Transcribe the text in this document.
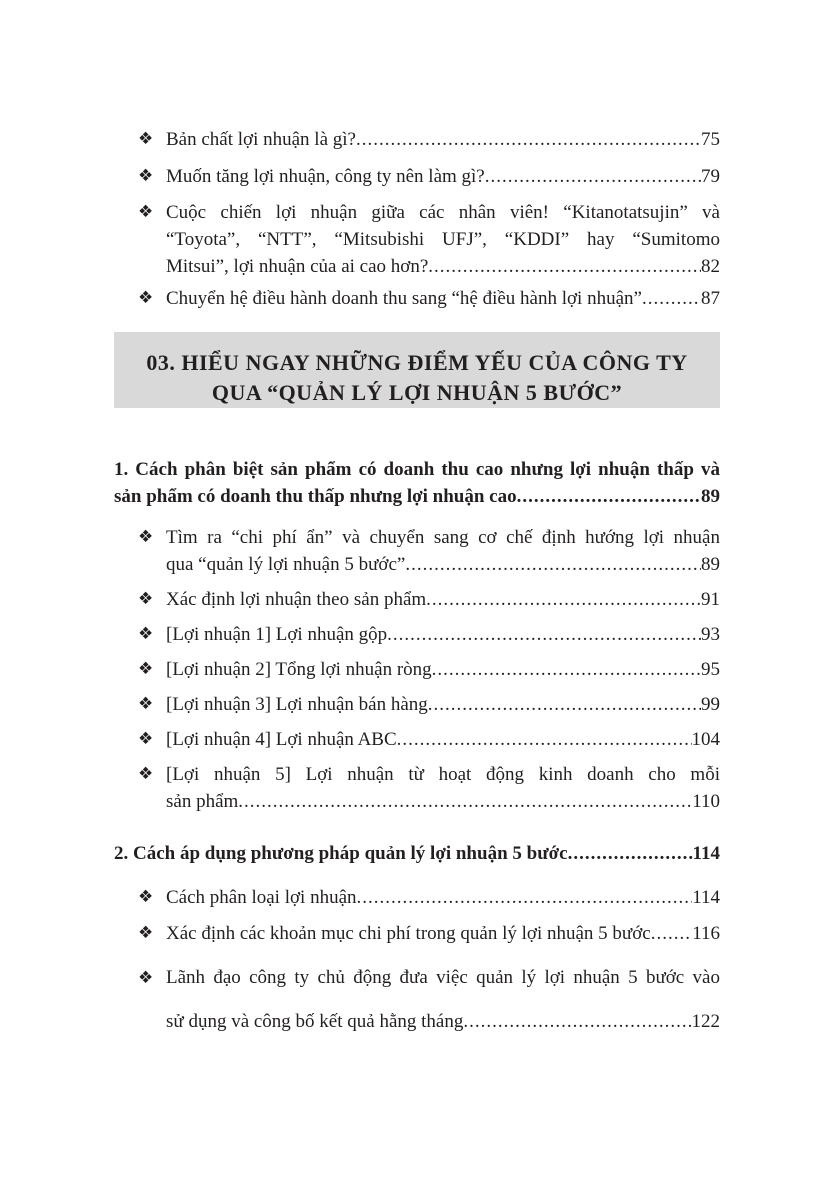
❖ Bản chất lợi nhuận là gì? .....	75
❖ Muốn tăng lợi nhuận, công ty nên làm gì? .....	79
❖ Cuộc chiến lợi nhuận giữa các nhân viên! “Kitanotatsujin” và
“Toyota”, “NTT”, “Mitsubishi UFJ”, “KDDI” hay “Sumitomo
Mitsui”, lợi nhuận của ai cao hơn? .....	82
❖ Chuyển hệ điều hành doanh thu sang “hệ điều hành lợi nhuận” .....	87
03. HIỂU NGAY NHỮNG ĐIỂM YẾU CỦA CÔNG TY
QUA “QUẢN LÝ LỢI NHUẬN 5 BƯỚC”
1. Cách phân biệt sản phẩm có doanh thu cao nhưng lợi nhuận thấp và
sản phẩm có doanh thu thấp nhưng lợi nhuận cao .....	89
❖ Tìm ra “chi phí ẩn” và chuyển sang cơ chế định hướng lợi nhuận
qua “quản lý lợi nhuận 5 bước” .....	89
❖ Xác định lợi nhuận theo sản phẩm .....	91
❖ [Lợi nhuận 1] Lợi nhuận gộp .....	93
❖ [Lợi nhuận 2] Tổng lợi nhuận ròng .....	95
❖ [Lợi nhuận 3] Lợi nhuận bán hàng .....	99
❖ [Lợi nhuận 4] Lợi nhuận ABC .....	104
❖ [Lợi nhuận 5] Lợi nhuận từ hoạt động kinh doanh cho mỗi
sản phẩm .....	110
2. Cách áp dụng phương pháp quản lý lợi nhuận 5 bước .....	114
❖ Cách phân loại lợi nhuận .....	114
❖ Xác định các khoản mục chi phí trong quản lý lợi nhuận 5 bước ..... 116
❖ Lãnh đạo công ty chủ động đưa việc quản lý lợi nhuận 5 bước vào
sử dụng và công bố kết quả hằng tháng .....	122
